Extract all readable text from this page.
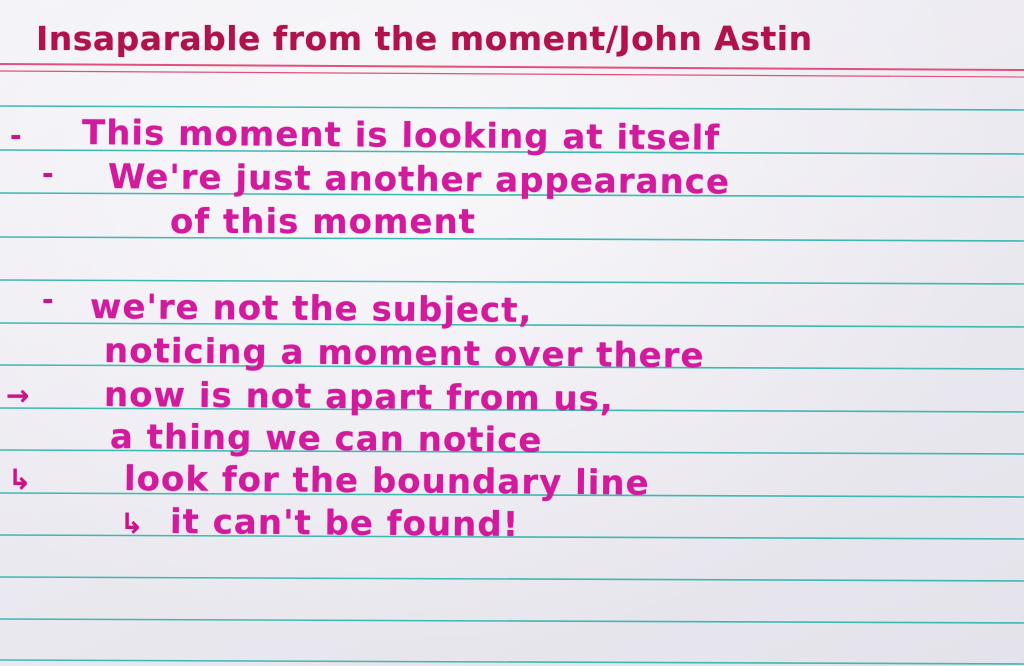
Insaparable from the moment/John Astin
-
-
-
→
↳
↳
This moment is looking at itself
We're just another appearance
of this moment
we're not the subject,
noticing a moment over there
now is not apart from us,
a thing we can notice
look for the boundary line
it can't be found!
